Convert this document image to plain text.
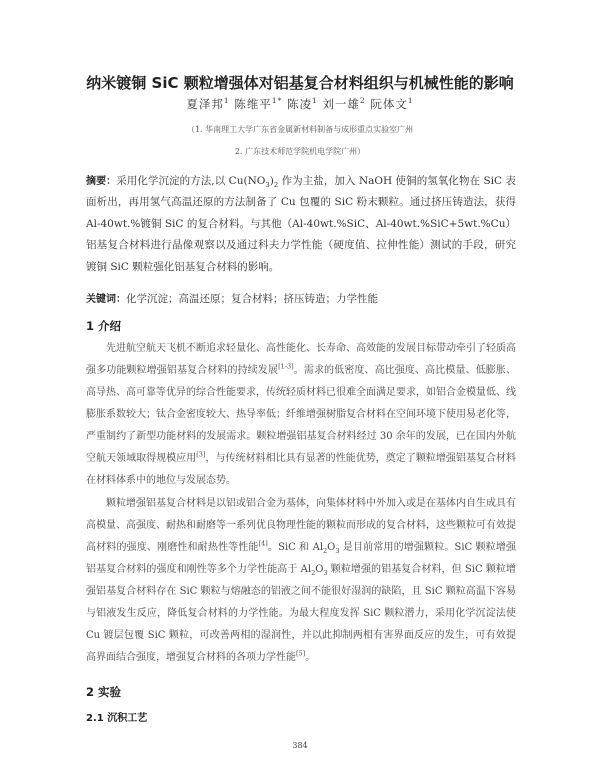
纳米镀铜 SiC 颗粒增强体对铝基复合材料组织与机械性能的影响
夏泽邦$^1$ 陈维平$^{1*}$ 陈凌$^1$ 刘一雄$^2$ 阮体文$^1$
（1. 华南理工大学广东省金属新材料制备与成形重点实验室广州
2. 广东技术师范学院机电学院广州）
摘要：采用化学沉淀的方法,以 $Cu(NO_3)_2$ 作为主盐，加入 NaOH 使铜的氢氧化物在 SiC 表面析出，再用氢气高温还原的方法制备了 Cu 包覆的 SiC 粉末颗粒。通过挤压铸造法，获得 Al-40wt.%镀铜 SiC 的复合材料。与其他（Al-40wt.%SiC、Al-40wt.%SiC+5wt.%Cu）铝基复合材料进行晶像观察以及通过科夫力学性能（硬度值、拉伸性能）测试的手段，研究镀铜 SiC 颗粒强化铝基复合材料的影响。
关键词：化学沉淀；高温还原；复合材料；挤压铸造；力学性能
1 介绍
先进航空航天飞机不断追求轻量化、高性能化、长寿命、高效能的发展目标带动牵引了轻质高强多功能颗粒增强铝基复合材料的持续发展[1-3]。需求的低密度、高比强度、高比模量、低膨胀、高导热、高可靠等优异的综合性能要求，传统轻质材料已很难全面满足要求，如铝合金模量低、线膨胀系数较大；钛合金密度较大、热导率低；纤维增强树脂复合材料在空间环境下使用易老化等，严重制约了新型功能材料的发展需求。颗粒增强铝基复合材料经过 30 余年的发展，已在国内外航空航天领域取得规模应用[3]，与传统材料相比具有显著的性能优势，奠定了颗粒增强铝基复合材料在材料体系中的地位与发展态势。
颗粒增强铝基复合材料是以铝或铝合金为基体，向集体材料中外加入或是在基体内自生成具有高模量、高强度、耐热和耐磨等一系列优良物理性能的颗粒而形成的复合材料，这些颗粒可有效提高材料的强度、刚磨性和耐热性等性能[4]。SiC 和 $Al_2O_3$ 是目前常用的增强颗粒。SiC 颗粒增强铝基复合材料的强度和刚性等多个力学性能高于 $Al_2O_3$ 颗粒增强的铝基复合材料，但 SiC 颗粒增强铝基复合材料存在 SiC 颗粒与熔融态的铝液之间不能很好湿润的缺陷，且 SiC 颗粒高温下容易与铝液发生反应，降低复合材料的力学性能。为最大程度发挥 SiC 颗粒潜力，采用化学沉淀法使 Cu 镀层包覆 SiC 颗粒，可改善两相的湿润性，并以此抑制两相有害界面反应的发生，可有效提高界面结合强度，增强复合材料的各项力学性能[5]。
2 实验
2.1 沉积工艺
384
